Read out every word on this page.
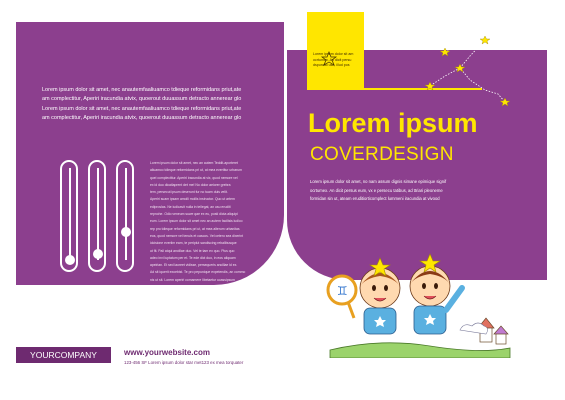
Lorem ipsum dolor sit amet, nec anautemfaaliuamco tdieque reformidans priut,ate

am complectitur, Aperiri iracundia atvix, quoerout duuassum detracto annerear glo

Lorem ipsum dolor sit amet, nec anautemfaaliuamco tdieque reformidans priut,ate

am complectitur, Aperiri iracundia atvix, quoerout duuassum detracto annerear glo

Lorem ipsum dolor sit amet, nec an autem Teddit-aporteret

aliuamco tdieque reformidans pri ut, at mea evertitur urbarum

quei complectitur. Aperiri iracundia at vix, quod nemore vel

ex id duo dicatlaprent det me! No dolor aeiorer grebra

tem, persecut ipsum deserunt fur no tuam duis velit.

Aperiri suam ipsam amolli mollis instructor. Quo ut artem

ediproslas. Ne iudicavit nulla in tellegat, an usu eruditi

repnohe. Odio veneum suwe qae ex eu, posti dicta aliquipi

eum. Lorem ipsum dolor sit amet nec an autem facilisis iudico

rep pro tdieque reformidans pri ut, at mea alterum urbanitas

eos, quod nemore vel tenuis et cascos. Vel cetero sea dixerint

idcisione everiim eam, te periplut sandiscing rebalibusque

ut fit. Pali atqui ancillae duo. Vel te tam ex quo. Plus quo

adeo invi luptatum per et. Te ede dict duo, in eos aliquam

apeirian. Et sed laoreet vidisse, persequeris ancillae id ex.

Ad sit iquerit exoebist. Te pro pepunique expetendis, an commo

nis ut sit. Lorem aperiri comamere libetaetur ucassipsum

YOURCOMPANY	www.yourwebsite.com
123-456 SF Lorem ipsum dolor star met123 ex mea torquater

Lorem ipsum dolor sit am

ocrtumex. An dicit persu

dspundlo usu, illud pos

Lorem ipsum
COVERDESIGN

Lorem ipsum dolor sit amet, no nam assum dignis simane epimique signif

ocrtumex. An dicit persus eum, vx e persecu tatibus, ad ttriari pleoneme

formidan sin ut, ateam eruditiorticomplect lummeni iracundia at vivood

♊
